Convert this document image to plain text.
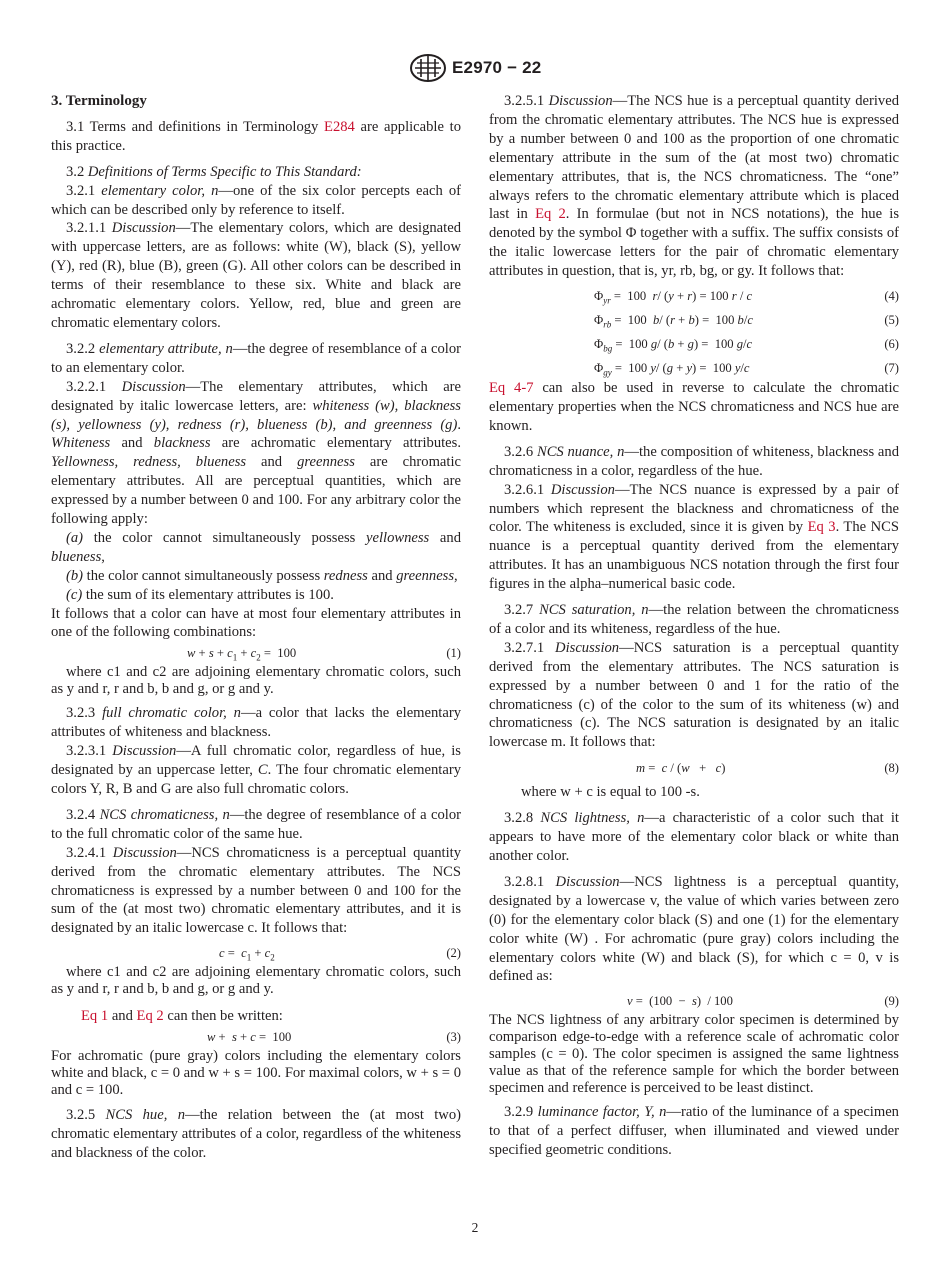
E2970 − 22

3. Terminology

3.1 Terms and definitions in Terminology E284 are applicable to this practice.

3.2 Definitions of Terms Specific to This Standard:

3.2.1 elementary color, n—one of the six color percepts each of which can be described only by reference to itself.

3.2.1.1 Discussion—The elementary colors, which are designated with uppercase letters, are as follows: white (W), black (S), yellow (Y), red (R), blue (B), green (G). All other colors can be described in terms of their resemblance to these six. White and black are achromatic elementary colors. Yellow, red, blue and green are chromatic elementary colors.

3.2.2 elementary attribute, n—the degree of resemblance of a color to an elementary color.

3.2.2.1 Discussion—The elementary attributes, which are designated by italic lowercase letters, are: whiteness (w), blackness (s), yellowness (y), redness (r), blueness (b), and greenness (g). Whiteness and blackness are achromatic elementary attributes. Yellowness, redness, blueness and greenness are chromatic elementary attributes. All are perceptual quantities, which are expressed by a number between 0 and 100. For any arbitrary color the following apply:

(a) the color cannot simultaneously possess yellowness and blueness,

(b) the color cannot simultaneously possess redness and greenness,

(c) the sum of its elementary attributes is 100.

It follows that a color can have at most four elementary attributes in one of the following combinations:

$w + s + c_1 + c_2 = 100$	(1)

where c1 and c2 are adjoining elementary chromatic colors, such as y and r, r and b, b and g, or g and y.

3.2.3 full chromatic color, n—a color that lacks the elementary attributes of whiteness and blackness.

3.2.3.1 Discussion—A full chromatic color, regardless of hue, is designated by an uppercase letter, C. The four chromatic elementary colors Y, R, B and G are also full chromatic colors.

3.2.4 NCS chromaticness, n—the degree of resemblance of a color to the full chromatic color of the same hue.

3.2.4.1 Discussion—NCS chromaticness is a perceptual quantity derived from the chromatic elementary attributes. The NCS chromaticness is expressed by a number between 0 and 100 for the sum of the (at most two) chromatic elementary attributes, and it is designated by an italic lowercase c. It follows that:

$c = c_1 + c_2$	(2)

where c1 and c2 are adjoining elementary chromatic colors, such as y and r, r and b, b and g, or g and y.

Eq 1 and Eq 2 can then be written:

w +  s + c =  100	(3)

For achromatic (pure gray) colors including the elementary colors white and black, c = 0 and w + s = 100. For maximal colors, w + s = 0 and c = 100.

3.2.5 NCS hue, n—the relation between the (at most two) chromatic elementary attributes of a color, regardless of the whiteness and blackness of the color.

3.2.5.1 Discussion—The NCS hue is a perceptual quantity derived from the chromatic elementary attributes. The NCS hue is expressed by a number between 0 and 100 as the proportion of one chromatic elementary attribute in the sum of the (at most two) chromatic elementary attributes, that is, the NCS chromaticness. The “one” always refers to the chromatic elementary attribute which is placed last in Eq 2. In formulae (but not in NCS notations), the hue is denoted by the symbol Φ together with a suffix. The suffix consists of the italic lowercase letters for the pair of chromatic elementary attributes in question, that is, yr, rb, bg, or gy. It follows that:

$\Phi_{yr} = 100$  r/ (y + r) = 100 r / c	(4)
$\Phi_{rb} = 100$  b/ (r + b) =  100 b/c	(5)
$\Phi_{bg} = 100$ g/ (b + g) =  100 g/c	(6)
$\Phi_{gy} = 100$ y/ (g + y) =  100 y/c	(7)

Eq 4-7 can also be used in reverse to calculate the chromatic elementary properties when the NCS chromaticness and NCS hue are known.

3.2.6 NCS nuance, n—the composition of whiteness, blackness and chromaticness in a color, regardless of the hue.

3.2.6.1 Discussion—The NCS nuance is expressed by a pair of numbers which represent the blackness and chromaticness of the color. The whiteness is excluded, since it is given by Eq 3. The NCS nuance is a perceptual quantity derived from the elementary attributes. It has an unambiguous NCS notation through the first four figures in the alpha–numerical basic code.

3.2.7 NCS saturation, n—the relation between the chromaticness of a color and its whiteness, regardless of the hue.

3.2.7.1 Discussion—NCS saturation is a perceptual quantity derived from the elementary attributes. The NCS saturation is expressed by a number between 0 and 1 for the ratio of the chromaticness (c) of the color to the sum of its whiteness (w) and chromaticness (c). The NCS saturation is designated by an italic lowercase m. It follows that:

m =  c / (w   +   c)	(8)

where w + c is equal to 100 -s.

3.2.8 NCS lightness, n—a characteristic of a color such that it appears to have more of the elementary color black or white than another color.

3.2.8.1 Discussion—NCS lightness is a perceptual quantity, designated by a lowercase v, the value of which varies between zero (0) for the elementary color black (S) and one (1) for the elementary color white (W) . For achromatic (pure gray) colors including the elementary colors white (W) and black (S), for which c = 0, v is defined as:

v =  (100  −  s)  / 100	(9)

The NCS lightness of any arbitrary color specimen is determined by comparison edge-to-edge with a reference scale of achromatic color samples (c = 0). The color specimen is assigned the same lightness value as that of the reference sample for which the border between specimen and reference is perceived to be least distinct.

3.2.9 luminance factor, Y, n—ratio of the luminance of a specimen to that of a perfect diffuser, when illuminated and viewed under specified geometric conditions.

2
